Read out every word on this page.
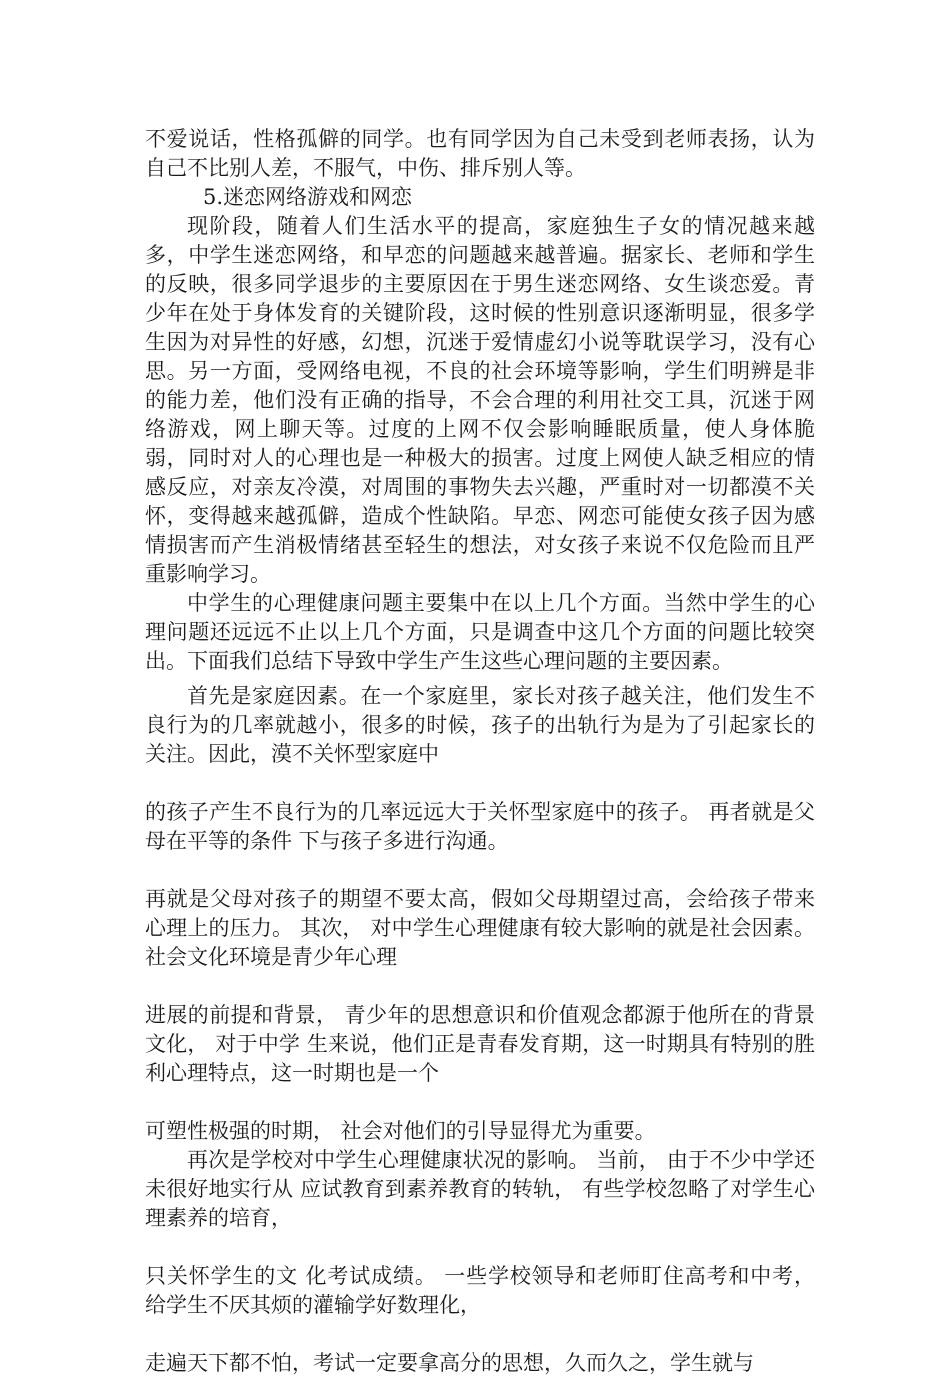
不爱说话，性格孤僻的同学。也有同学因为自己未受到老师表扬，认为自己不比别人差，不服气，中伤、排斥别人等。

5.迷恋网络游戏和网恋

现阶段，随着人们生活水平的提高，家庭独生子女的情况越来越多，中学生迷恋网络，和早恋的问题越来越普遍。据家长、老师和学生的反映，很多同学退步的主要原因在于男生迷恋网络、女生谈恋爱。青少年在处于身体发育的关键阶段，这时候的性别意识逐渐明显，很多学生因为对异性的好感，幻想，沉迷于爱情虚幻小说等耽误学习，没有心思。另一方面，受网络电视，不良的社会环境等影响，学生们明辨是非的能力差，他们没有正确的指导，不会合理的利用社交工具，沉迷于网络游戏，网上聊天等。过度的上网不仅会影响睡眠质量，使人身体脆弱，同时对人的心理也是一种极大的损害。过度上网使人缺乏相应的情感反应，对亲友冷漠，对周围的事物失去兴趣，严重时对一切都漠不关怀，变得越来越孤僻，造成个性缺陷。早恋、网恋可能使女孩子因为感情损害而产生消极情绪甚至轻生的想法，对女孩子来说不仅危险而且严重影响学习。

中学生的心理健康问题主要集中在以上几个方面。当然中学生的心理问题还远远不止以上几个方面，只是调查中这几个方面的问题比较突出。下面我们总结下导致中学生产生这些心理问题的主要因素。

首先是家庭因素。在一个家庭里，家长对孩子越关注，他们发生不良行为的几率就越小，很多的时候，孩子的出轨行为是为了引起家长的关注。因此，漠不关怀型家庭中

的孩子产生不良行为的几率远远大于关怀型家庭中的孩子。 再者就是父母在平等的条件 下与孩子多进行沟通。

再就是父母对孩子的期望不要太高，假如父母期望过高，会给孩子带来心理上的压力。 其次， 对中学生心理健康有较大影响的就是社会因素。 社会文化环境是青少年心理

进展的前提和背景， 青少年的思想意识和价值观念都源于他所在的背景文化， 对于中学 生来说，他们正是青春发育期，这一时期具有特别的胜利心理特点，这一时期也是一个

可塑性极强的时期， 社会对他们的引导显得尤为重要。

再次是学校对中学生心理健康状况的影响。 当前， 由于不少中学还未很好地实行从 应试教育到素养教育的转轨， 有些学校忽略了对学生心理素养的培育，

只关怀学生的文 化考试成绩。 一些学校领导和老师盯住高考和中考， 给学生不厌其烦的灌输学好数理化，

走遍天下都不怕，考试一定要拿高分的思想，久而久之，学生就与
